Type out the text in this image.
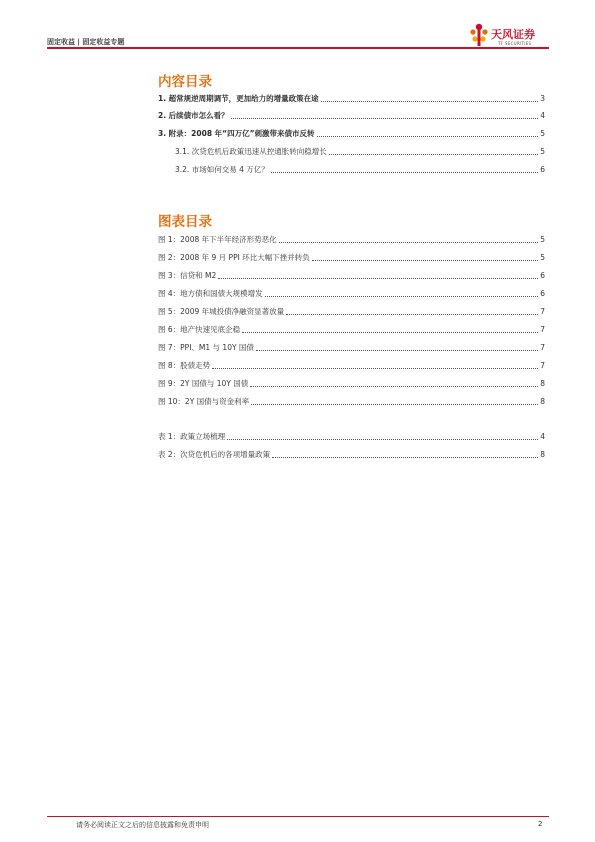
固定收益 | 固定收益专题
天风证券
TF SECURITIES
内容目录
1. 超常规逆周期调节，更加给力的增量政策在途	3
2. 后续债市怎么看？	4
3. 附录：2008 年“四万亿”刺激带来债市反转	5
3.1. 次贷危机后政策迅速从控通胀转向稳增长	5
3.2. 市场如何交易 4 万亿？	6
图表目录
图 1：2008 年下半年经济形势恶化	5
图 2：2008 年 9 月 PPI 环比大幅下挫并转负	5
图 3：信贷和 M2	6
图 4：地方债和国债大规模增发	6
图 5：2009 年城投债净融资显著放量	7
图 6：地产快速见底企稳	7
图 7：PPI、M1 与 10Y 国债	7
图 8：股债走势	7
图 9：2Y 国债与 10Y 国债	8
图 10：2Y 国债与资金利率	8
表 1：政策立场梳理	4
表 2：次贷危机后的各项增量政策	8
请务必阅读正文之后的信息披露和免责申明	2
